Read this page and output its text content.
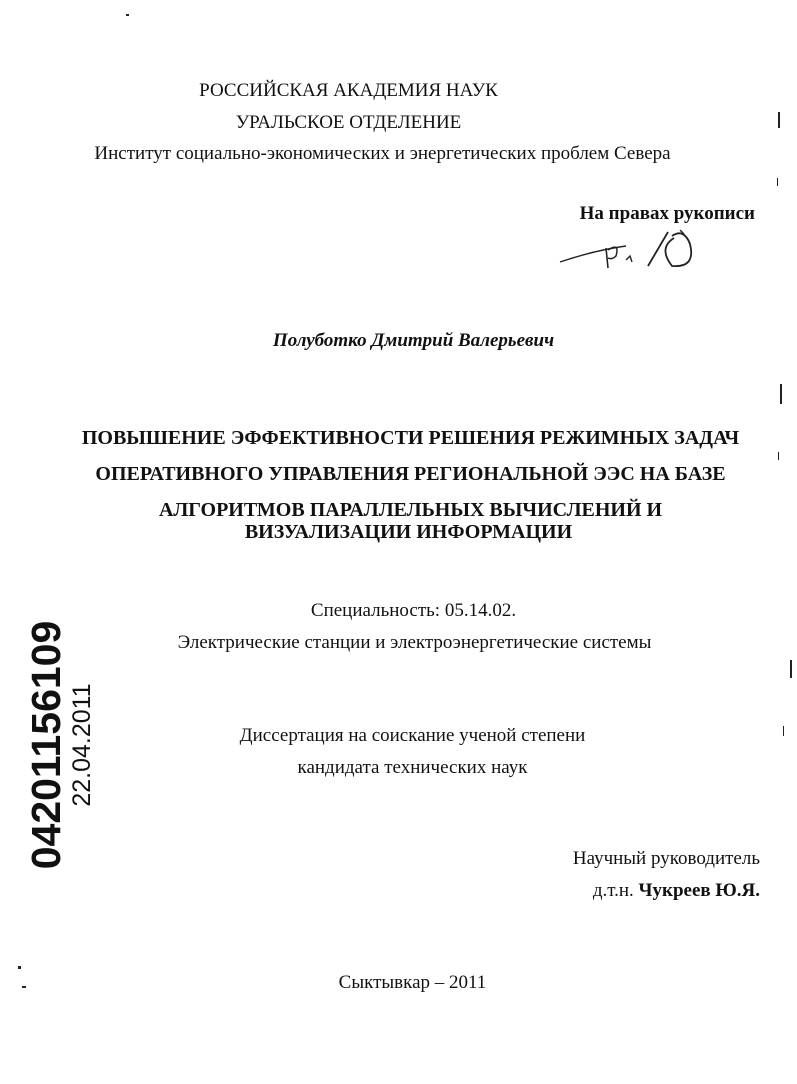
РОССИЙСКАЯ АКАДЕМИЯ НАУК
УРАЛЬСКОЕ ОТДЕЛЕНИЕ
Институт социально-экономических и энергетических проблем Севера
На правах рукописи
Полуботко Дмитрий Валерьевич
ПОВЫШЕНИЕ ЭФФЕКТИВНОСТИ РЕШЕНИЯ РЕЖИМНЫХ ЗАДАЧ
ОПЕРАТИВНОГО УПРАВЛЕНИЯ РЕГИОНАЛЬНОЙ ЭЭС НА БАЗЕ
АЛГОРИТМОВ ПАРАЛЛЕЛЬНЫХ ВЫЧИСЛЕНИЙ И
ВИЗУАЛИЗАЦИИ ИНФОРМАЦИИ
Специальность: 05.14.02.
Электрические станции и электроэнергетические системы
Диссертация на соискание ученой степени
кандидата технических наук
Научный руководитель
д.т.н. Чукреев Ю.Я.
Сыктывкар – 2011
04201156109 22.04.2011
